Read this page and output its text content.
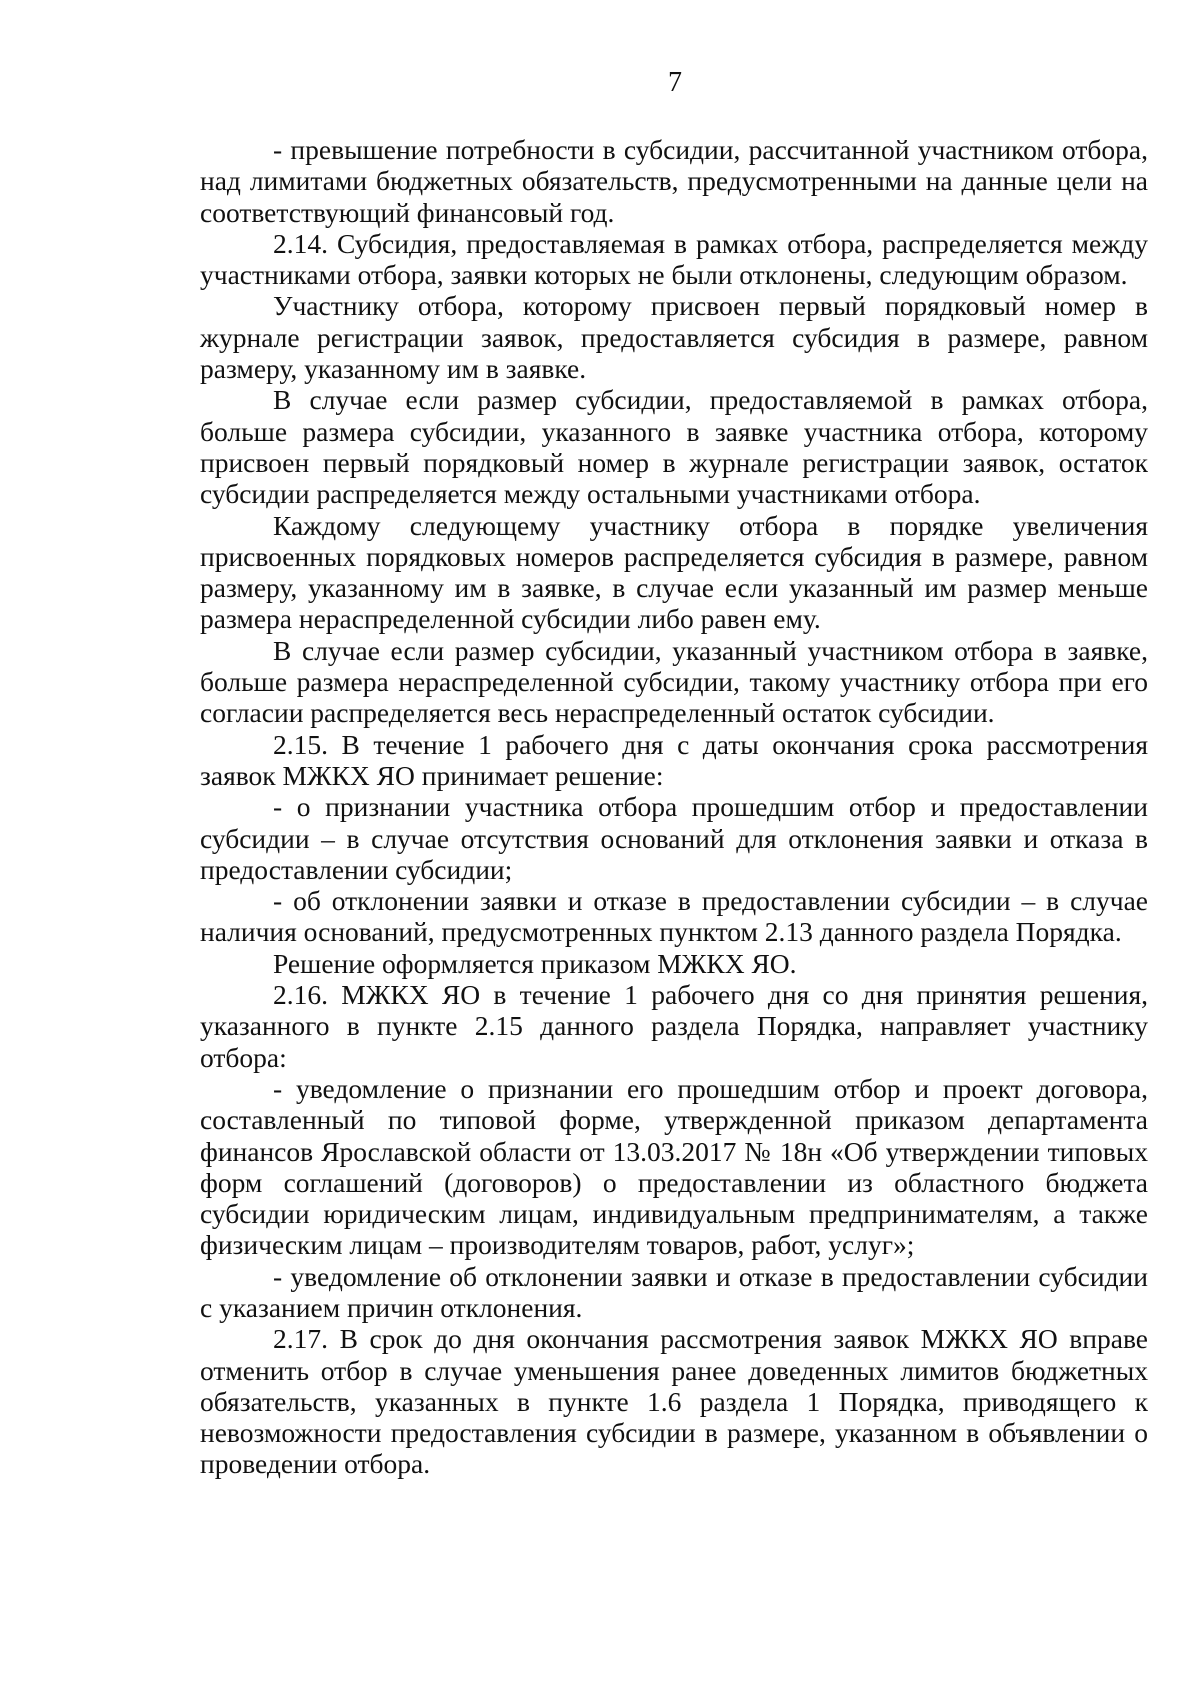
7

- превышение потребности в субсидии, рассчитанной участником отбора, над лимитами бюджетных обязательств, предусмотренными на данные цели на соответствующий финансовый год.

2.14. Субсидия, предоставляемая в рамках отбора, распределяется между участниками отбора, заявки которых не были отклонены, следующим образом.

Участнику отбора, которому присвоен первый порядковый номер в журнале регистрации заявок, предоставляется субсидия в размере, равном размеру, указанному им в заявке.

В случае если размер субсидии, предоставляемой в рамках отбора, больше размера субсидии, указанного в заявке участника отбора, которому присвоен первый порядковый номер в журнале регистрации заявок, остаток субсидии распределяется между остальными участниками отбора.

Каждому следующему участнику отбора в порядке увеличения присвоенных порядковых номеров распределяется субсидия в размере, равном размеру, указанному им в заявке, в случае если указанный им размер меньше размера нераспределенной субсидии либо равен ему.

В случае если размер субсидии, указанный участником отбора в заявке, больше размера нераспределенной субсидии, такому участнику отбора при его согласии распределяется весь нераспределенный остаток субсидии.

2.15. В течение 1 рабочего дня с даты окончания срока рассмотрения заявок МЖКХ ЯО принимает решение:

- о признании участника отбора прошедшим отбор и предоставлении субсидии – в случае отсутствия оснований для отклонения заявки и отказа в предоставлении субсидии;

- об отклонении заявки и отказе в предоставлении субсидии – в случае наличия оснований, предусмотренных пунктом 2.13 данного раздела Порядка.

Решение оформляется приказом МЖКХ ЯО.

2.16. МЖКХ ЯО в течение 1 рабочего дня со дня принятия решения, указанного в пункте 2.15 данного раздела Порядка, направляет участнику отбора:

- уведомление о признании его прошедшим отбор и проект договора, составленный по типовой форме, утвержденной приказом департамента финансов Ярославской области от 13.03.2017 № 18н «Об утверждении типовых форм соглашений (договоров) о предоставлении из областного бюджета субсидии юридическим лицам, индивидуальным предпринимателям, а также физическим лицам – производителям товаров, работ, услуг»;

- уведомление об отклонении заявки и отказе в предоставлении субсидии с указанием причин отклонения.

2.17. В срок до дня окончания рассмотрения заявок МЖКХ ЯО вправе отменить отбор в случае уменьшения ранее доведенных лимитов бюджетных обязательств, указанных в пункте 1.6 раздела 1 Порядка, приводящего к невозможности предоставления субсидии в размере, указанном в объявлении о проведении отбора.
